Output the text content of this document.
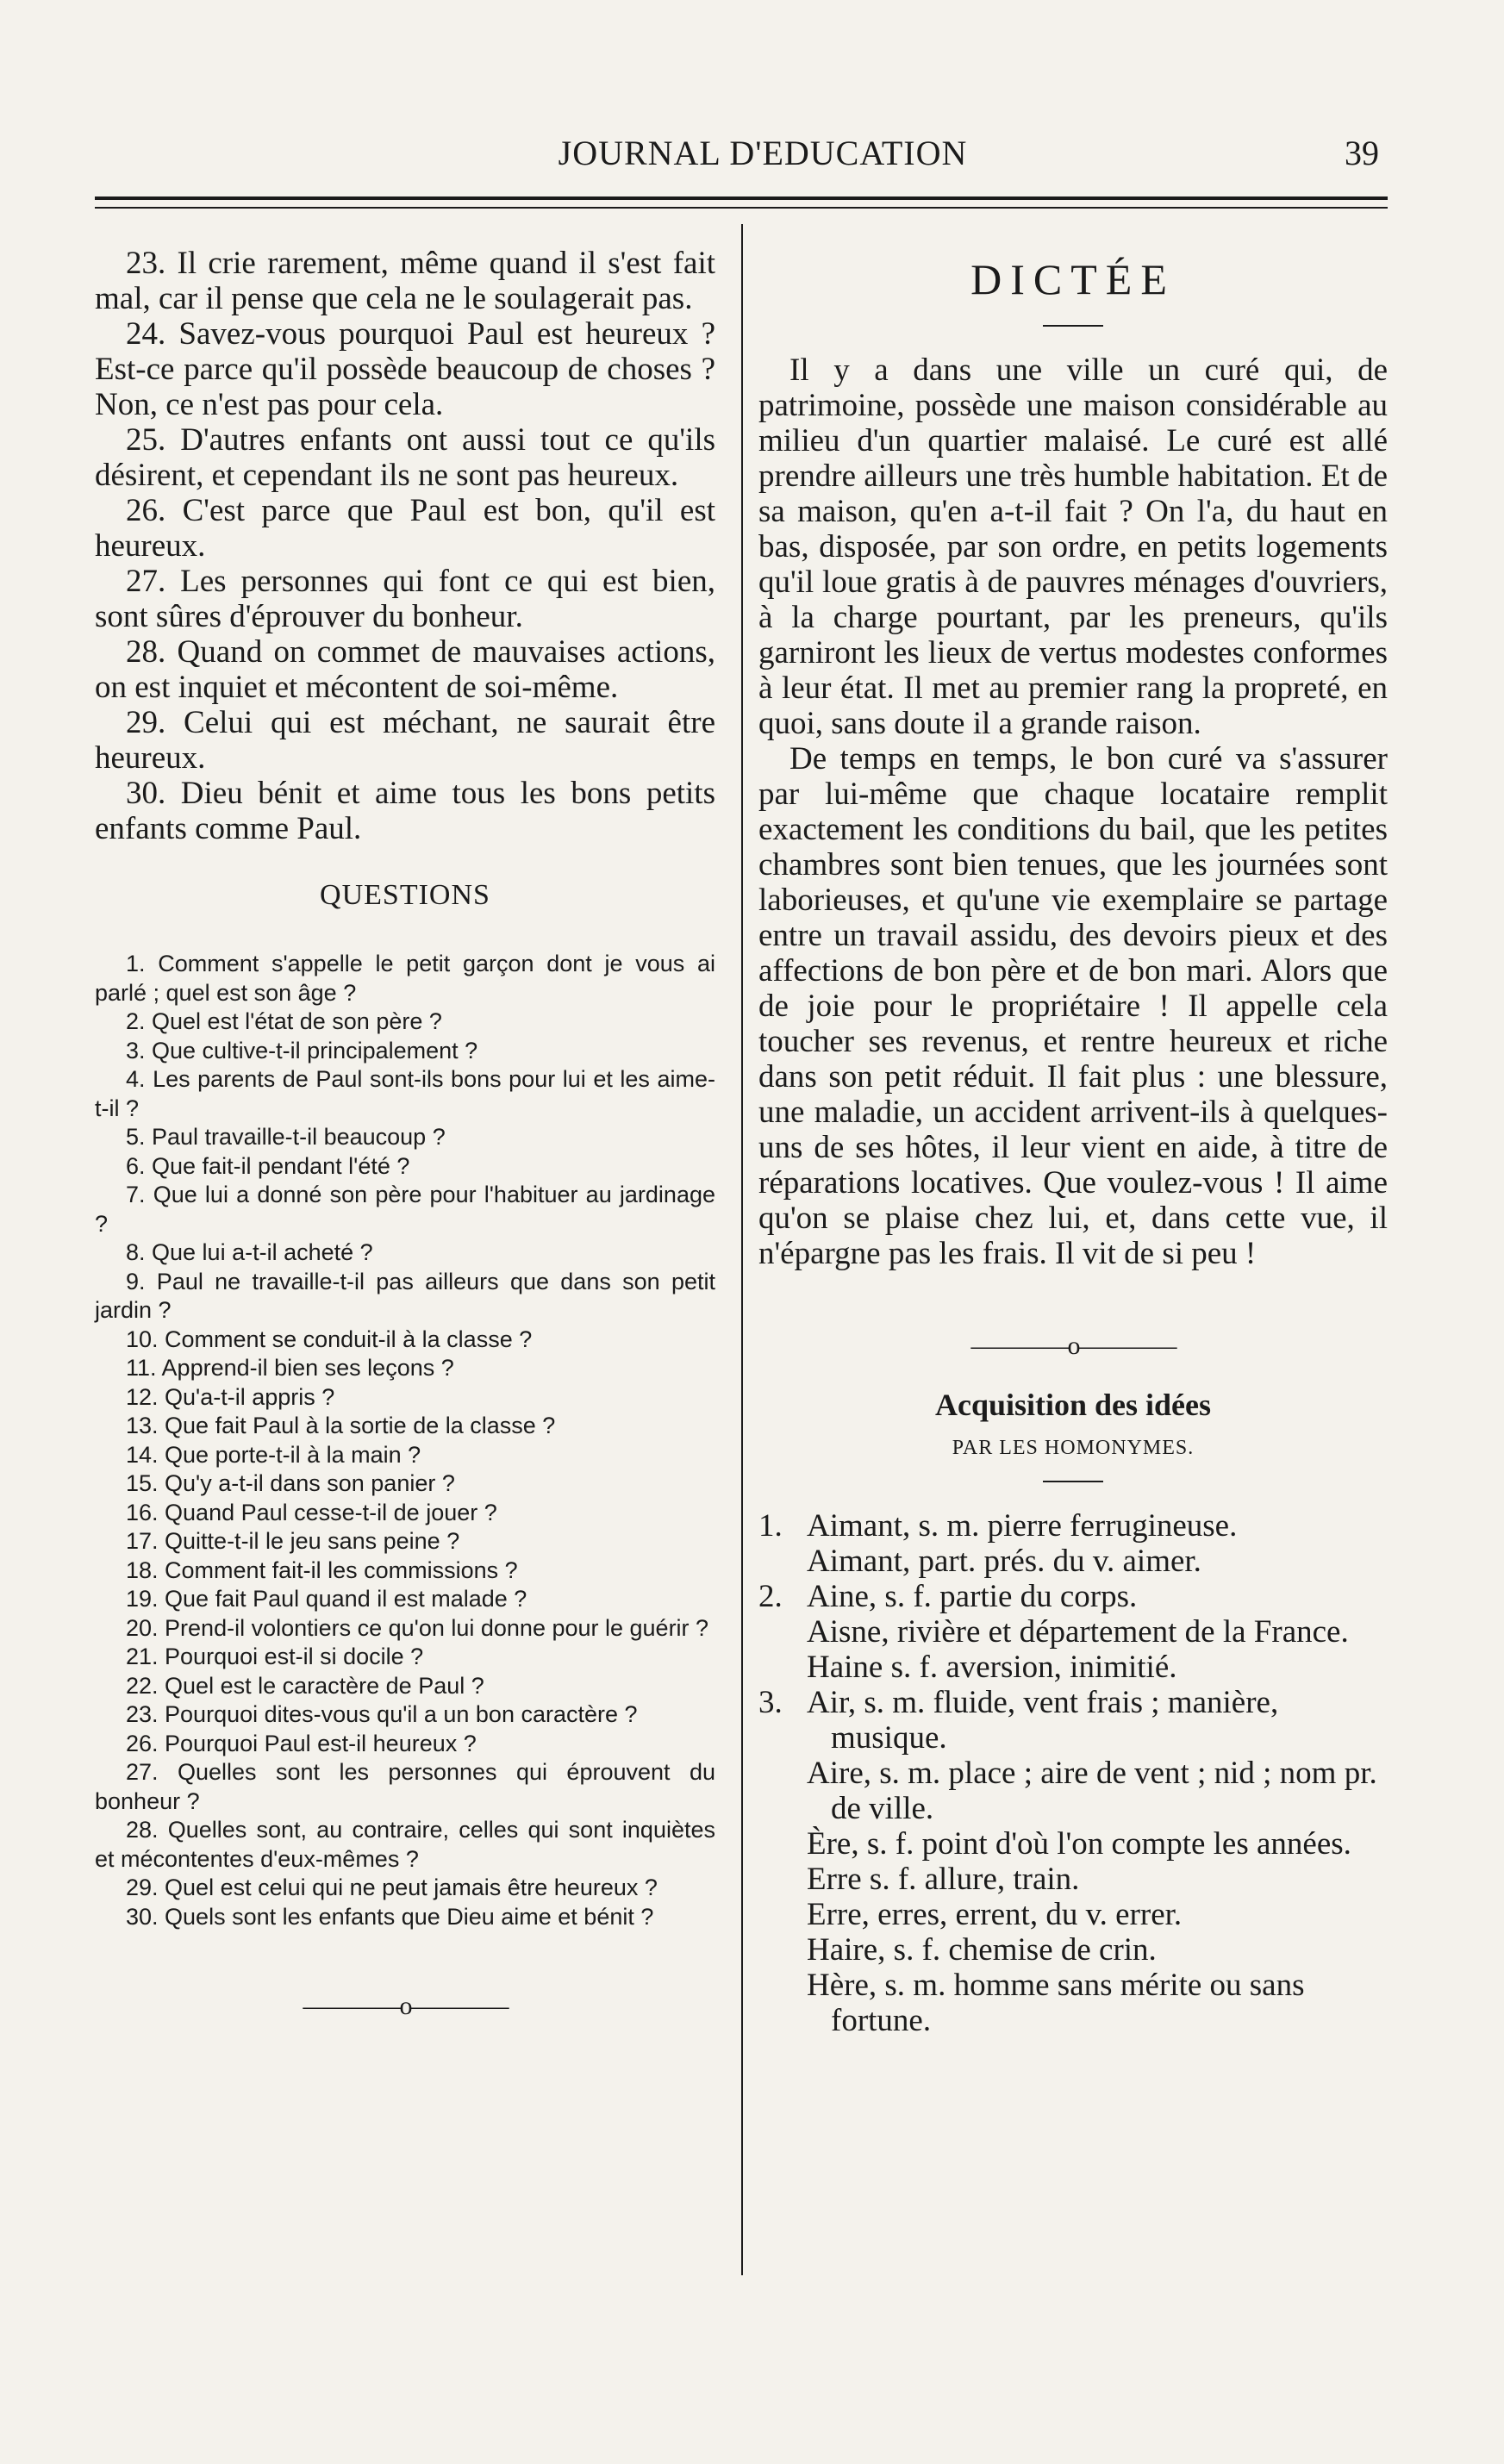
JOURNAL D'EDUCATION	39

23. Il crie rarement, même quand il s'est fait mal, car il pense que cela ne le soulagerait pas.

24. Savez-vous pourquoi Paul est heureux ? Est-ce parce qu'il possède beaucoup de choses ? Non, ce n'est pas pour cela.

25. D'autres enfants ont aussi tout ce qu'ils désirent, et cependant ils ne sont pas heureux.

26. C'est parce que Paul est bon, qu'il est heureux.

27. Les personnes qui font ce qui est bien, sont sûres d'éprouver du bonheur.

28. Quand on commet de mauvaises actions, on est inquiet et mécontent de soi-même.

29. Celui qui est méchant, ne saurait être heureux.

30. Dieu bénit et aime tous les bons petits enfants comme Paul.

QUESTIONS

1. Comment s'appelle le petit garçon dont je vous ai parlé ; quel est son âge ?

2. Quel est l'état de son père ?

3. Que cultive-t-il principalement ?

4. Les parents de Paul sont-ils bons pour lui et les aime-t-il ?

5. Paul travaille-t-il beaucoup ?

6. Que fait-il pendant l'été ?

7. Que lui a donné son père pour l'habituer au jardinage ?

8. Que lui a-t-il acheté ?

9. Paul ne travaille-t-il pas ailleurs que dans son petit jardin ?

10. Comment se conduit-il à la classe ?

11. Apprend-il bien ses leçons ?

12. Qu'a-t-il appris ?

13. Que fait Paul à la sortie de la classe ?

14. Que porte-t-il à la main ?

15. Qu'y a-t-il dans son panier ?

16. Quand Paul cesse-t-il de jouer ?

17. Quitte-t-il le jeu sans peine ?

18. Comment fait-il les commissions ?

19. Que fait Paul quand il est malade ?

20. Prend-il volontiers ce qu'on lui donne pour le guérir ?

21. Pourquoi est-il si docile ?

22. Quel est le caractère de Paul ?

23. Pourquoi dites-vous qu'il a un bon caractère ?

26. Pourquoi Paul est-il heureux ?

27. Quelles sont les personnes qui éprouvent du bonheur ?

28. Quelles sont, au contraire, celles qui sont inquiètes et mécontentes d'eux-mêmes ?

29. Quel est celui qui ne peut jamais être heureux ?

30. Quels sont les enfants que Dieu aime et bénit ?

————o————
DICTÉE

Il y a dans une ville un curé qui, de patrimoine, possède une maison considérable au milieu d'un quartier malaisé. Le curé est allé prendre ailleurs une très humble habitation. Et de sa maison, qu'en a-t-il fait ? On l'a, du haut en bas, disposée, par son ordre, en petits logements qu'il loue gratis à de pauvres ménages d'ouvriers, à la charge pourtant, par les preneurs, qu'ils garniront les lieux de vertus modestes conformes à leur état. Il met au premier rang la propreté, en quoi, sans doute il a grande raison.

De temps en temps, le bon curé va s'assurer par lui-même que chaque locataire remplit exactement les conditions du bail, que les petites chambres sont bien tenues, que les journées sont laborieuses, et qu'une vie exemplaire se partage entre un travail assidu, des devoirs pieux et des affections de bon père et de bon mari. Alors que de joie pour le propriétaire ! Il appelle cela toucher ses revenus, et rentre heureux et riche dans son petit réduit. Il fait plus : une blessure, une maladie, un accident arrivent-ils à quelques-uns de ses hôtes, il leur vient en aide, à titre de réparations locatives. Que voulez-vous ! Il aime qu'on se plaise chez lui, et, dans cette vue, il n'épargne pas les frais. Il vit de si peu !

————o————
Acquisition des idées
PAR LES HOMONYMES.
1. Aimant, s. m. pierre ferrugineuse.
Aimant, part. prés. du v. aimer.
2. Aine, s. f. partie du corps.
Aisne, rivière et département de la France.
Haine s. f. aversion, inimitié.
3. Air, s. m. fluide, vent frais ; manière, musique.
Aire, s. m. place ; aire de vent ; nid ; nom pr. de ville.
Ère, s. f. point d'où l'on compte les années.
Erre s. f. allure, train.
Erre, erres, errent, du v. errer.
Haire, s. f. chemise de crin.
Hère, s. m. homme sans mérite ou sans fortune.
